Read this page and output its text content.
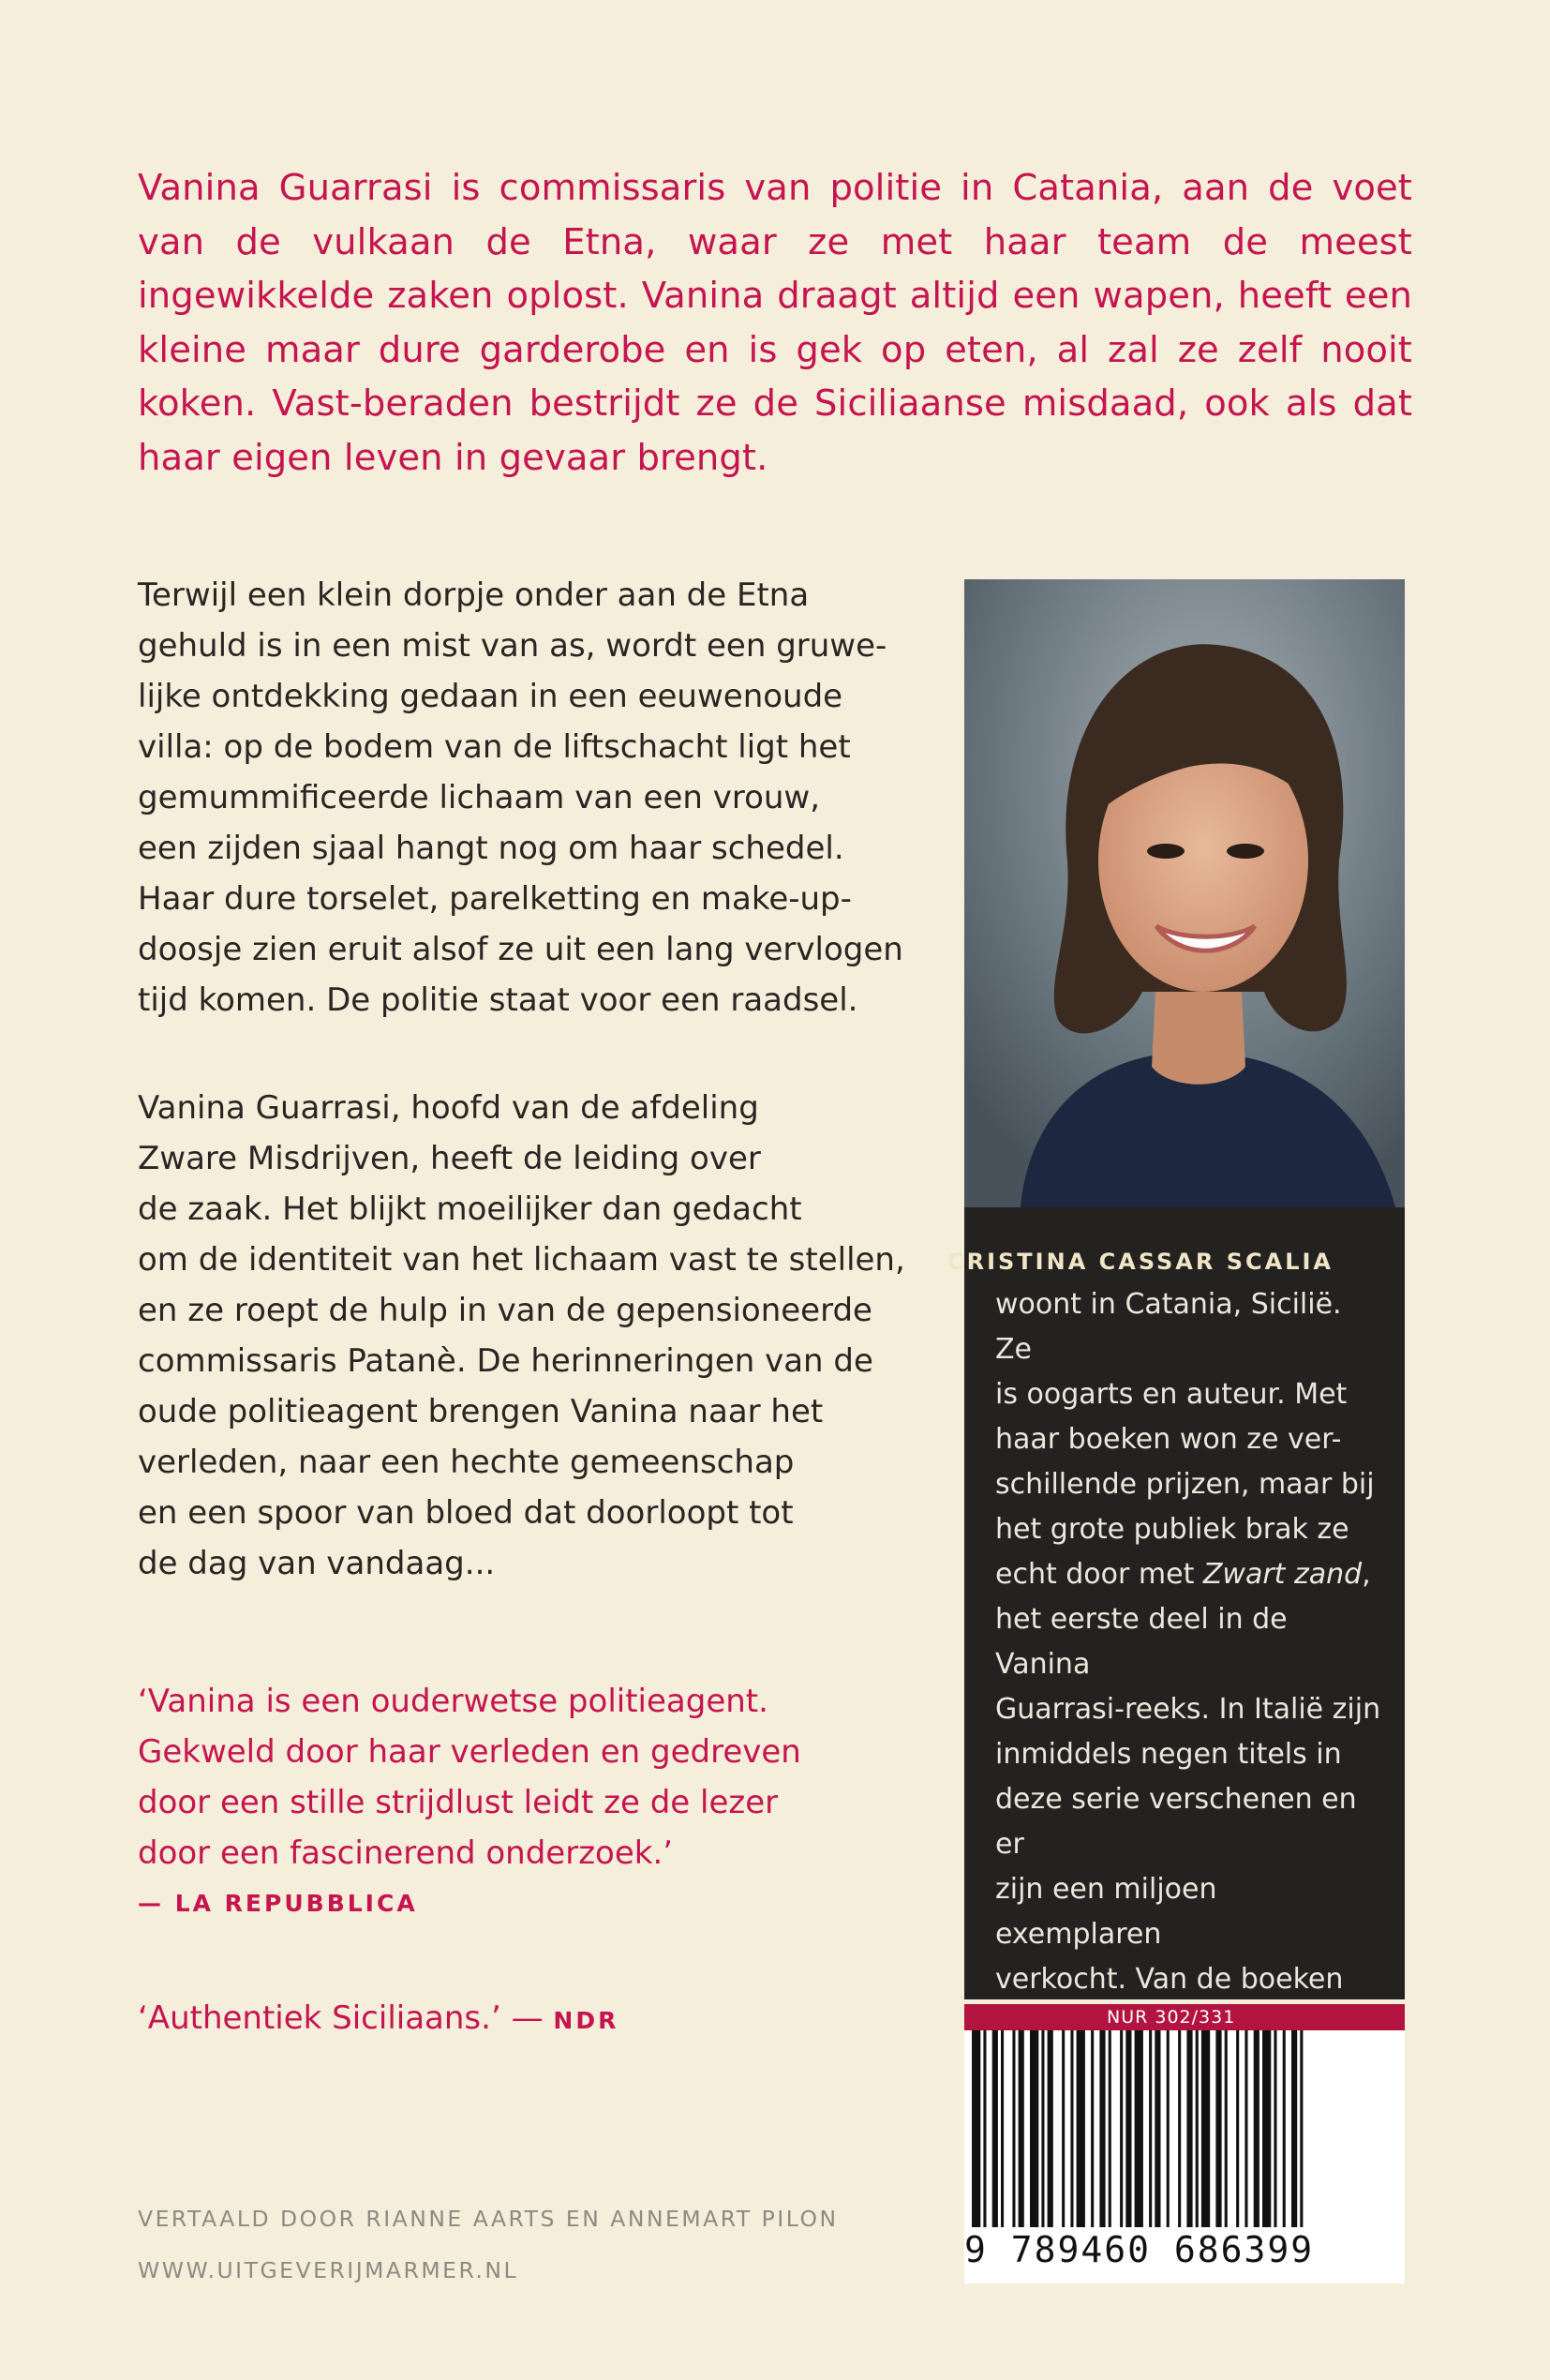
Vanina Guarrasi is commissaris van politie in Catania, aan de voet van de vulkaan de Etna, waar ze met haar team de meest ingewikkelde zaken oplost. Vanina draagt altijd een wapen, heeft een kleine maar dure garderobe en is gek op eten, al zal ze zelf nooit koken. Vast-beraden bestrijdt ze de Siciliaanse misdaad, ook als dat haar eigen leven in gevaar brengt.

Terwijl een klein dorpje onder aan de Etna

gehuld is in een mist van as, wordt een gruwe-

lijke ontdekking gedaan in een eeuwenoude

villa: op de bodem van de liftschacht ligt het

gemummificeerde lichaam van een vrouw,

een zijden sjaal hangt nog om haar schedel.

Haar dure torselet, parelketting en make-up-

doosje zien eruit alsof ze uit een lang vervlogen

tijd komen. De politie staat voor een raadsel.

Vanina Guarrasi, hoofd van de afdeling

Zware Misdrijven, heeft de leiding over

de zaak. Het blijkt moeilijker dan gedacht

om de identiteit van het lichaam vast te stellen,

en ze roept de hulp in van de gepensioneerde

commissaris Patanè. De herinneringen van de

oude politieagent brengen Vanina naar het

verleden, naar een hechte gemeenschap

en een spoor van bloed dat doorloopt tot

de dag van vandaag...

‘Vanina is een ouderwetse politieagent.
Gekweld door haar verleden en gedreven
door een stille strijdlust leidt ze de lezer
door een fascinerend onderzoek.’
— LA REPUBBLICA
‘Authentiek Siciliaans.’ — NDR
VERTAALD DOOR RIANNE AARTS EN ANNEMART PILON
WWW.UITGEVERIJMARMER.NL
CRISTINA CASSAR SCALIA
woont in Catania, Sicilië. Ze
is oogarts en auteur. Met
haar boeken won ze ver-
schillende prijzen, maar bij
het grote publiek brak ze
echt door met Zwart zand,
het eerste deel in de Vanina
Guarrasi-reeks. In Italië zijn
inmiddels negen titels in
deze serie verschenen en er
zijn een miljoen exemplaren
verkocht. Van de boeken
NUR 302/331
9 789460 686399
